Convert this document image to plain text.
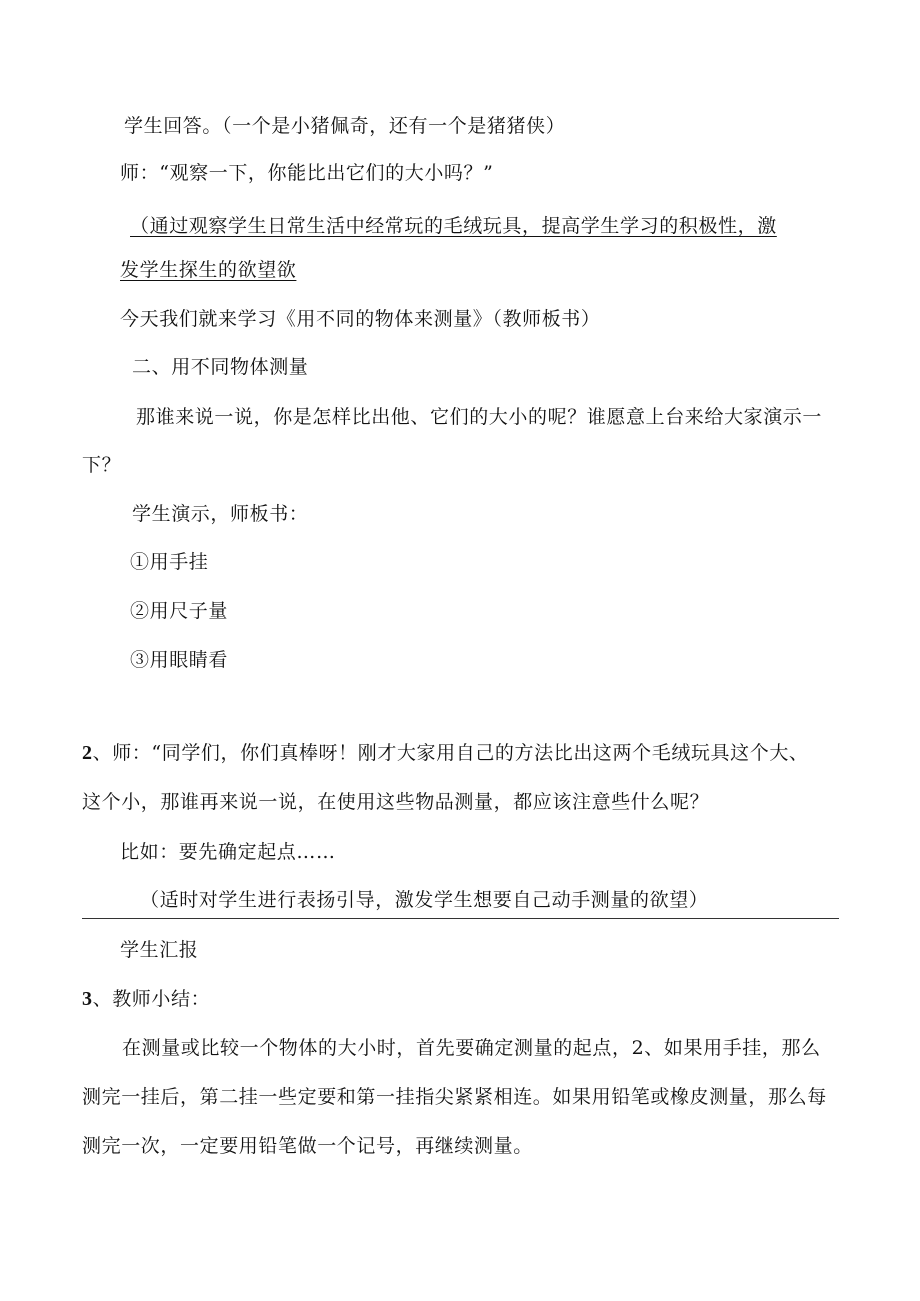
学生回答。（一个是小猪佩奇，还有一个是猪猪侠）
师：“观察一下，你能比出它们的大小吗？”
（通过观察学生日常生活中经常玩的毛绒玩具，提高学生学习的积极性，激
发学生探生的欲望欲
今天我们就来学习《用不同的物体来测量》（教师板书）
二、用不同物体测量
那谁来说一说，你是怎样比出他、它们的大小的呢？谁愿意上台来给大家演示一
下？
学生演示，师板书：
①用手挂
②用尺子量
③用眼睛看
2、师：“同学们，你们真棒呀！刚才大家用自己的方法比出这两个毛绒玩具这个大、
这个小，那谁再来说一说，在使用这些物品测量，都应该注意些什么呢？
比如：要先确定起点……
（适时对学生进行表扬引导，激发学生想要自己动手测量的欲望）
学生汇报
3、教师小结：
在测量或比较一个物体的大小时，首先要确定测量的起点，2、如果用手挂，那么
测完一挂后，第二挂一些定要和第一挂指尖紧紧相连。如果用铅笔或橡皮测量，那么每
测完一次，一定要用铅笔做一个记号，再继续测量。
